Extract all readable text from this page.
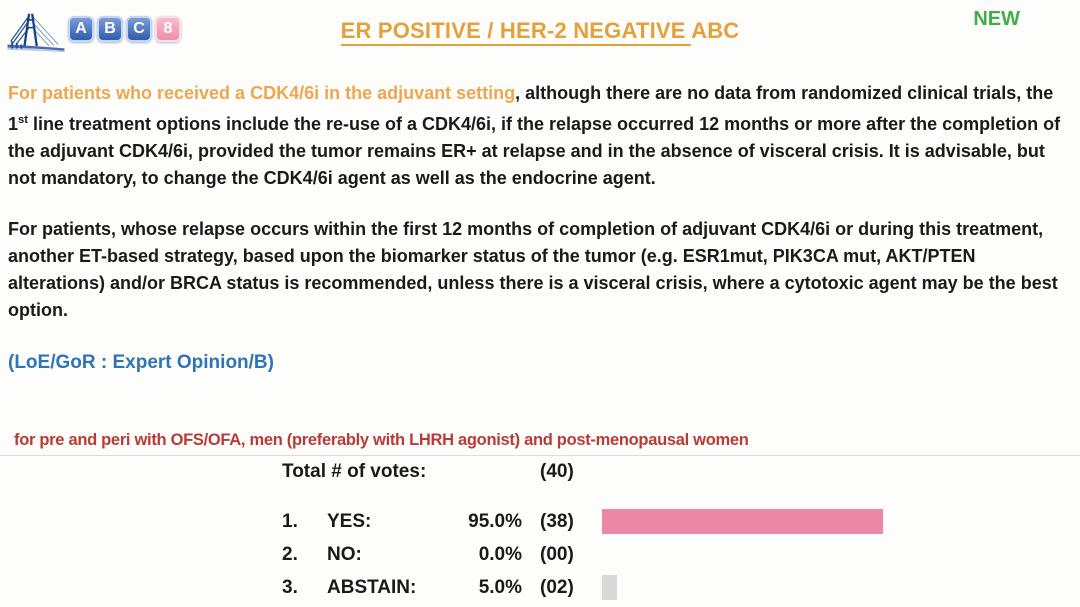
A	B	C	8	ER POSITIVE / HER-2 NEGATIVE ABC	NEW
For patients who received a CDK4/6i in the adjuvant setting, although there are no data from randomized clinical trials, the 1st line treatment options include the re-use of a CDK4/6i, if the relapse occurred 12 months or more after the completion of the adjuvant CDK4/6i, provided the tumor remains ER+ at relapse and in the absence of visceral crisis. It is advisable, but not mandatory, to change the CDK4/6i agent as well as the endocrine agent.
For patients, whose relapse occurs within the first 12 months of completion of adjuvant CDK4/6i or during this treatment, another ET-based strategy, based upon the biomarker status of the tumor (e.g. ESR1mut, PIK3CA mut, AKT/PTEN alterations) and/or BRCA status is recommended, unless there is a visceral crisis, where a cytotoxic agent may be the best option.
(LoE/GoR : Expert Opinion/B)
for pre and peri with OFS/OFA, men (preferably with LHRH agonist) and post-menopausal women
Total # of votes:	(40)
1.	YES:	95.0% (38)
2.	NO:	0.0% (00)
3.	ABSTAIN:	5.0% (02)
